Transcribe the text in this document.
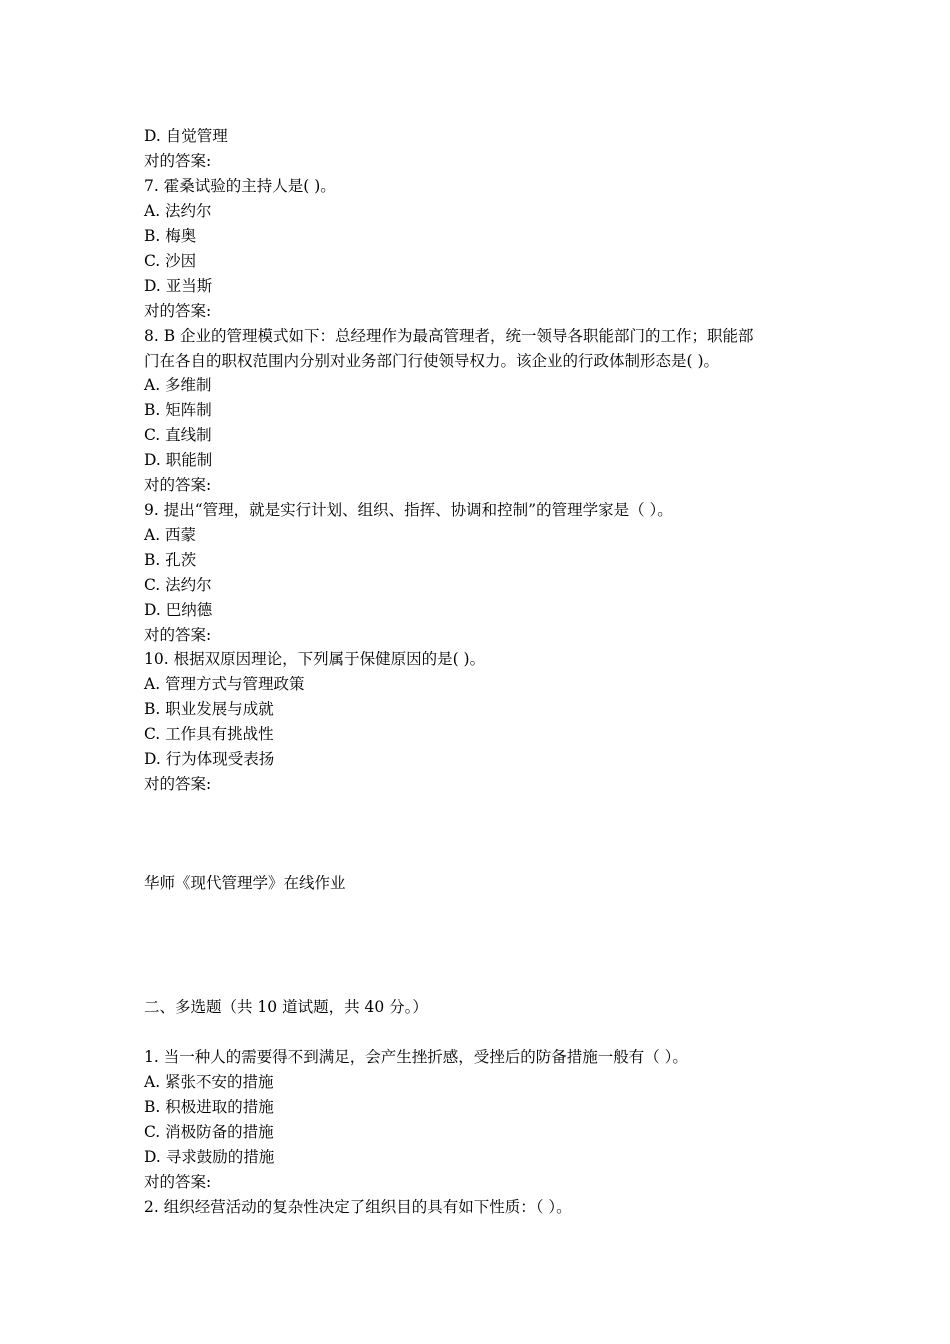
D. 自觉管理
对的答案:
7. 霍桑试验的主持人是( )。
A. 法约尔
B. 梅奥
C. 沙因
D. 亚当斯
对的答案:
8. B 企业的管理模式如下：总经理作为最高管理者，统一领导各职能部门的工作；职能部
门在各自的职权范围内分别对业务部门行使领导权力。该企业的行政体制形态是( )。
A. 多维制
B. 矩阵制
C. 直线制
D. 职能制
对的答案:
9. 提出“管理，就是实行计划、组织、指挥、协调和控制”的管理学家是（ ）。
A. 西蒙
B. 孔茨
C. 法约尔
D. 巴纳德
对的答案:
10. 根据双原因理论，下列属于保健原因的是( )。
A. 管理方式与管理政策
B. 职业发展与成就
C. 工作具有挑战性
D. 行为体现受表扬
对的答案:
华师《现代管理学》在线作业
二、多选题（共 10 道试题，共 40 分。）
1. 当一种人的需要得不到满足，会产生挫折感，受挫后的防备措施一般有（ ）。
A. 紧张不安的措施
B. 积极进取的措施
C. 消极防备的措施
D. 寻求鼓励的措施
对的答案:
2. 组织经营活动的复杂性决定了组织目的具有如下性质：（ ）。
